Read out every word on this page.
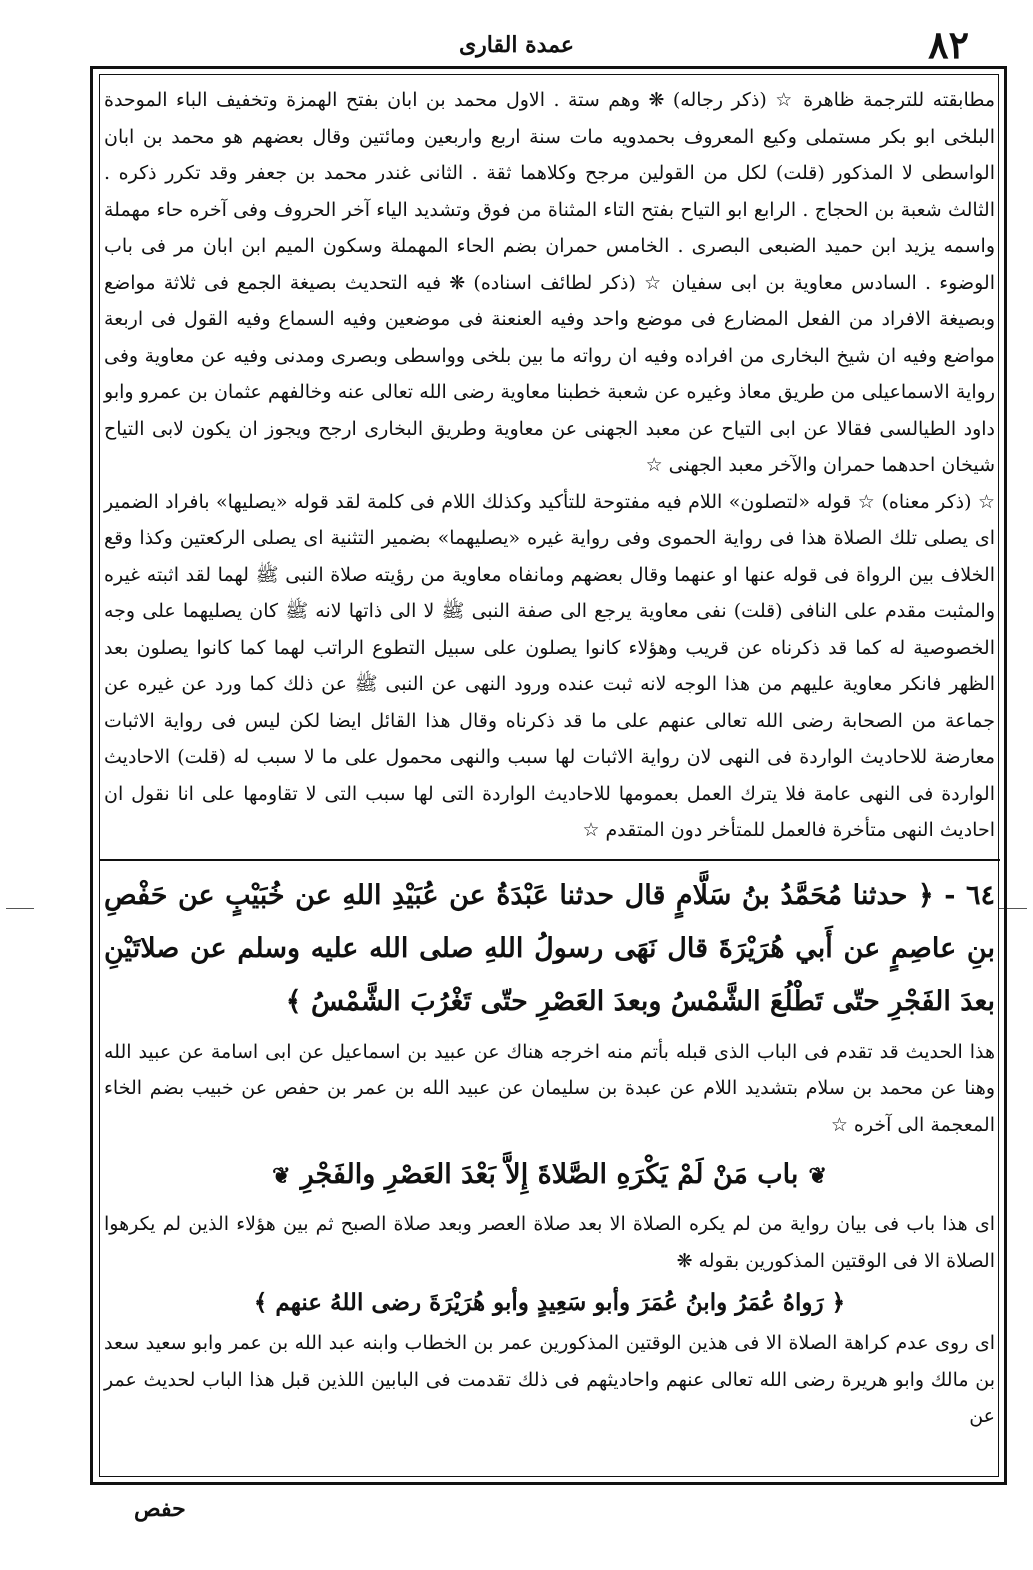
٨٢
عمدة القارى

مطابقته للترجمة ظاهرة ☆ (ذكر رجاله) ❋ وهم ستة . الاول محمد بن ابان بفتح الهمزة وتخفيف الباء الموحدة البلخى ابو بكر مستملى وكيع المعروف بحمدويه مات سنة اربع واربعين ومائتين وقال بعضهم هو محمد بن ابان الواسطى لا المذكور (قلت) لكل من القولين مرجح وكلاهما ثقة . الثانى غندر محمد بن جعفر وقد تكرر ذكره . الثالث شعبة بن الحجاج . الرابع ابو التياح بفتح التاء المثناة من فوق وتشديد الياء آخر الحروف وفى آخره حاء مهملة واسمه يزيد ابن حميد الضبعى البصرى . الخامس حمران بضم الحاء المهملة وسكون الميم ابن ابان مر فى باب الوضوء . السادس معاوية بن ابى سفيان ☆ (ذكر لطائف اسناده) ❋ فيه التحديث بصيغة الجمع فى ثلاثة مواضع وبصيغة الافراد من الفعل المضارع فى موضع واحد وفيه العنعنة فى موضعين وفيه السماع وفيه القول فى اربعة مواضع وفيه ان شيخ البخارى من افراده وفيه ان رواته ما بين بلخى وواسطى وبصرى ومدنى وفيه عن معاوية وفى رواية الاسماعيلى من طريق معاذ وغيره عن شعبة خطبنا معاوية رضى الله تعالى عنه وخالفهم عثمان بن عمرو وابو داود الطيالسى فقالا عن ابى التياح عن معبد الجهنى عن معاوية وطريق البخارى ارجح ويجوز ان يكون لابى التياح شيخان احدهما حمران والآخر معبد الجهنى ☆

☆ (ذكر معناه) ☆ قوله «لتصلون» اللام فيه مفتوحة للتأكيد وكذلك اللام فى كلمة لقد قوله «يصليها» بافراد الضمير اى يصلى تلك الصلاة هذا فى رواية الحموى وفى رواية غيره «يصليهما» بضمير التثنية اى يصلى الركعتين وكذا وقع الخلاف بين الرواة فى قوله عنها او عنهما وقال بعضهم ومانفاه معاوية من رؤيته صلاة النبى ﷺ لهما لقد اثبته غيره والمثبت مقدم على النافى (قلت) نفى معاوية يرجع الى صفة النبى ﷺ لا الى ذاتها لانه ﷺ كان يصليهما على وجه الخصوصية له كما قد ذكرناه عن قريب وهؤلاء كانوا يصلون على سبيل التطوع الراتب لهما كما كانوا يصلون بعد الظهر فانكر معاوية عليهم من هذا الوجه لانه ثبت عنده ورود النهى عن النبى ﷺ عن ذلك كما ورد عن غيره عن جماعة من الصحابة رضى الله تعالى عنهم على ما قد ذكرناه وقال هذا القائل ايضا لكن ليس فى رواية الاثبات معارضة للاحاديث الواردة فى النهى لان رواية الاثبات لها سبب والنهى محمول على ما لا سبب له (قلت) الاحاديث الواردة فى النهى عامة فلا يترك العمل بعمومها للاحاديث الواردة التى لها سبب التى لا تقاومها على انا نقول ان احاديث النهى متأخرة فالعمل للمتأخر دون المتقدم ☆

٦٤ - ﴿ حدثنا مُحَمَّدُ بنُ سَلَّامٍ قال حدثنا عَبْدَةُ عن عُبَيْدِ اللهِ عن خُبَيْبٍ عن حَفْصِ بنِ عاصِمٍ عن أَبي هُرَيْرَةَ قال نَهَى رسولُ اللهِ صلى الله عليه وسلم عن صلاتَيْنِ بعدَ الفَجْرِ حتّى تَطْلُعَ الشَّمْسُ وبعدَ العَصْرِ حتّى تَغْرُبَ الشَّمْسُ ﴾

هذا الحديث قد تقدم فى الباب الذى قبله بأتم منه اخرجه هناك عن عبيد بن اسماعيل عن ابى اسامة عن عبيد الله وهنا عن محمد بن سلام بتشديد اللام عن عبدة بن سليمان عن عبيد الله بن عمر بن حفص عن خبيب بضم الخاء المعجمة الى آخره ☆

❦باب مَنْ لَمْ يَكْرَهِ الصَّلاةَ إِلاَّ بَعْدَ العَصْرِ والفَجْرِ❦

اى هذا باب فى بيان رواية من لم يكره الصلاة الا بعد صلاة العصر وبعد صلاة الصبح ثم بين هؤلاء الذين لم يكرهوا الصلاة الا فى الوقتين المذكورين بقوله ❋

﴿ رَواهُ عُمَرُ وابنُ عُمَرَ وأبو سَعِيدٍ وأبو هُرَيْرَةَ رضى اللهُ عنهم ﴾

اى روى عدم كراهة الصلاة الا فى هذين الوقتين المذكورين عمر بن الخطاب وابنه عبد الله بن عمر وابو سعيد سعد بن مالك وابو هريرة رضى الله تعالى عنهم واحاديثهم فى ذلك تقدمت فى البابين اللذين قبل هذا الباب لحديث عمر عن

حفص
